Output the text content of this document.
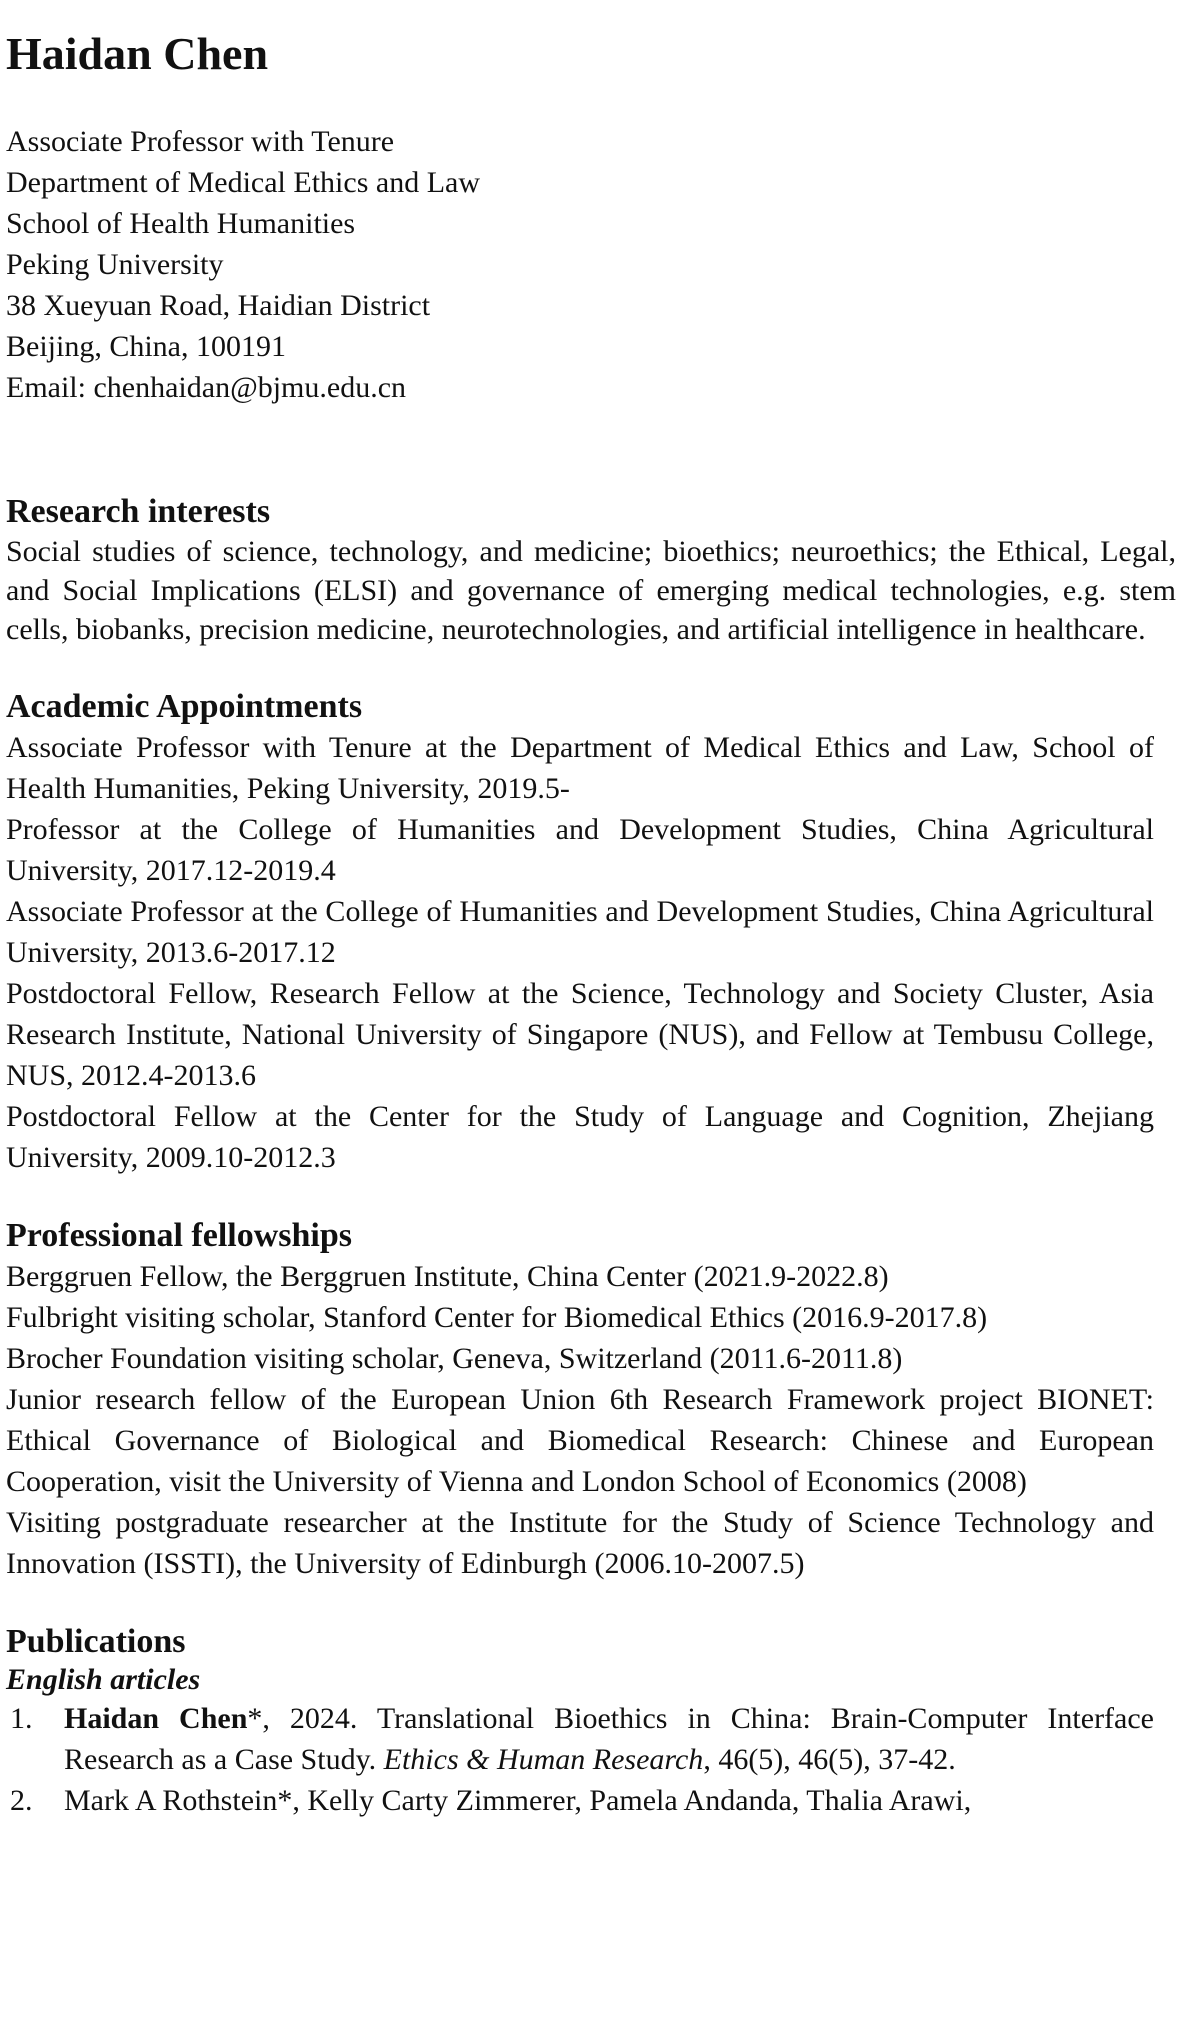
Haidan Chen

Associate Professor with Tenure

Department of Medical Ethics and Law

School of Health Humanities

Peking University

38 Xueyuan Road, Haidian District

Beijing, China, 100191

Email: chenhaidan@bjmu.edu.cn

Research interests

Social studies of science, technology, and medicine; bioethics; neuroethics; the Ethical, Legal, and Social Implications (ELSI) and governance of emerging medical technologies, e.g. stem cells, biobanks, precision medicine, neurotechnologies, and artificial intelligence in healthcare.

Academic Appointments

Associate Professor with Tenure at the Department of Medical Ethics and Law, School of Health Humanities, Peking University, 2019.5-

Professor at the College of Humanities and Development Studies, China Agricultural University, 2017.12-2019.4

Associate Professor at the College of Humanities and Development Studies, China Agricultural University, 2013.6-2017.12

Postdoctoral Fellow, Research Fellow at the Science, Technology and Society Cluster, Asia Research Institute, National University of Singapore (NUS), and Fellow at Tembusu College, NUS, 2012.4-2013.6

Postdoctoral Fellow at the Center for the Study of Language and Cognition, Zhejiang University, 2009.10-2012.3

Professional fellowships

Berggruen Fellow, the Berggruen Institute, China Center (2021.9-2022.8)

Fulbright visiting scholar, Stanford Center for Biomedical Ethics (2016.9-2017.8)

Brocher Foundation visiting scholar, Geneva, Switzerland (2011.6-2011.8)

Junior research fellow of the European Union 6th Research Framework project BIONET: Ethical Governance of Biological and Biomedical Research: Chinese and European Cooperation, visit the University of Vienna and London School of Economics (2008)

Visiting postgraduate researcher at the Institute for the Study of Science Technology and Innovation (ISSTI), the University of Edinburgh (2006.10-2007.5)

Publications

English articles

1. Haidan Chen*, 2024. Translational Bioethics in China: Brain-Computer Interface Research as a Case Study. Ethics & Human Research, 46(5), 46(5), 37-42.
2. Mark A Rothstein*, Kelly Carty Zimmerer, Pamela Andanda, Thalia Arawi,
